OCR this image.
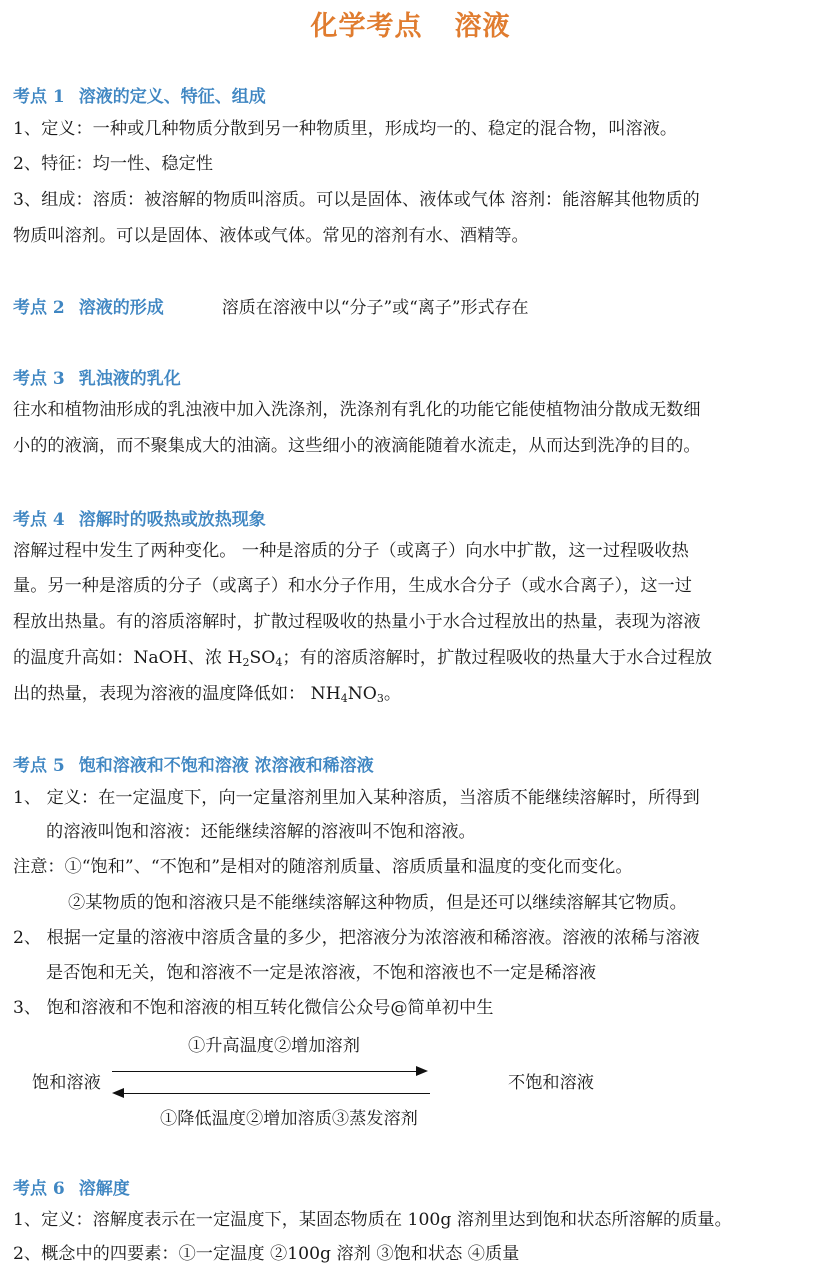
化学考点 溶液
考点 1 溶液的定义、特征、组成
1、定义：一种或几种物质分散到另一种物质里，形成均一的、稳定的混合物，叫溶液。
2、特征：均一性、稳定性
3、组成：溶质：被溶解的物质叫溶质。可以是固体、液体或气体 溶剂：能溶解其他物质的
物质叫溶剂。可以是固体、液体或气体。常见的溶剂有水、酒精等。
考点 2 溶液的形成	溶质在溶液中以“分子”或“离子”形式存在
考点 3 乳浊液的乳化
往水和植物油形成的乳浊液中加入洗涤剂，洗涤剂有乳化的功能它能使植物油分散成无数细
小的的液滴，而不聚集成大的油滴。这些细小的液滴能随着水流走，从而达到洗净的目的。
考点 4 溶解时的吸热或放热现象
溶解过程中发生了两种变化。 一种是溶质的分子（或离子）向水中扩散，这一过程吸收热
量。另一种是溶质的分子（或离子）和水分子作用，生成水合分子（或水合离子），这一过
程放出热量。有的溶质溶解时，扩散过程吸收的热量小于水合过程放出的热量，表现为溶液
的温度升高如：NaOH、浓 $H_2SO_4$；有的溶质溶解时，扩散过程吸收的热量大于水合过程放
出的热量，表现为溶液的温度降低如： $NH_4NO_3$。
考点 5 饱和溶液和不饱和溶液 浓溶液和稀溶液
1、 定义：在一定温度下，向一定量溶剂里加入某种溶质，当溶质不能继续溶解时，所得到
的溶液叫饱和溶液：还能继续溶解的溶液叫不饱和溶液。
注意：①“饱和”、“不饱和”是相对的随溶剂质量、溶质质量和温度的变化而变化。
②某物质的饱和溶液只是不能继续溶解这种物质，但是还可以继续溶解其它物质。
2、 根据一定量的溶液中溶质含量的多少，把溶液分为浓溶液和稀溶液。溶液的浓稀与溶液
是否饱和无关，饱和溶液不一定是浓溶液，不饱和溶液也不一定是稀溶液
3、 饱和溶液和不饱和溶液的相互转化微信公众号@简单初中生
①升高温度②增加溶剂
饱和溶液	不饱和溶液
①降低温度②增加溶质③蒸发溶剂
考点 6 溶解度
1、定义：溶解度表示在一定温度下，某固态物质在 100g 溶剂里达到饱和状态所溶解的质量。
2、概念中的四要素：①一定温度 ②100g 溶剂 ③饱和状态 ④质量
